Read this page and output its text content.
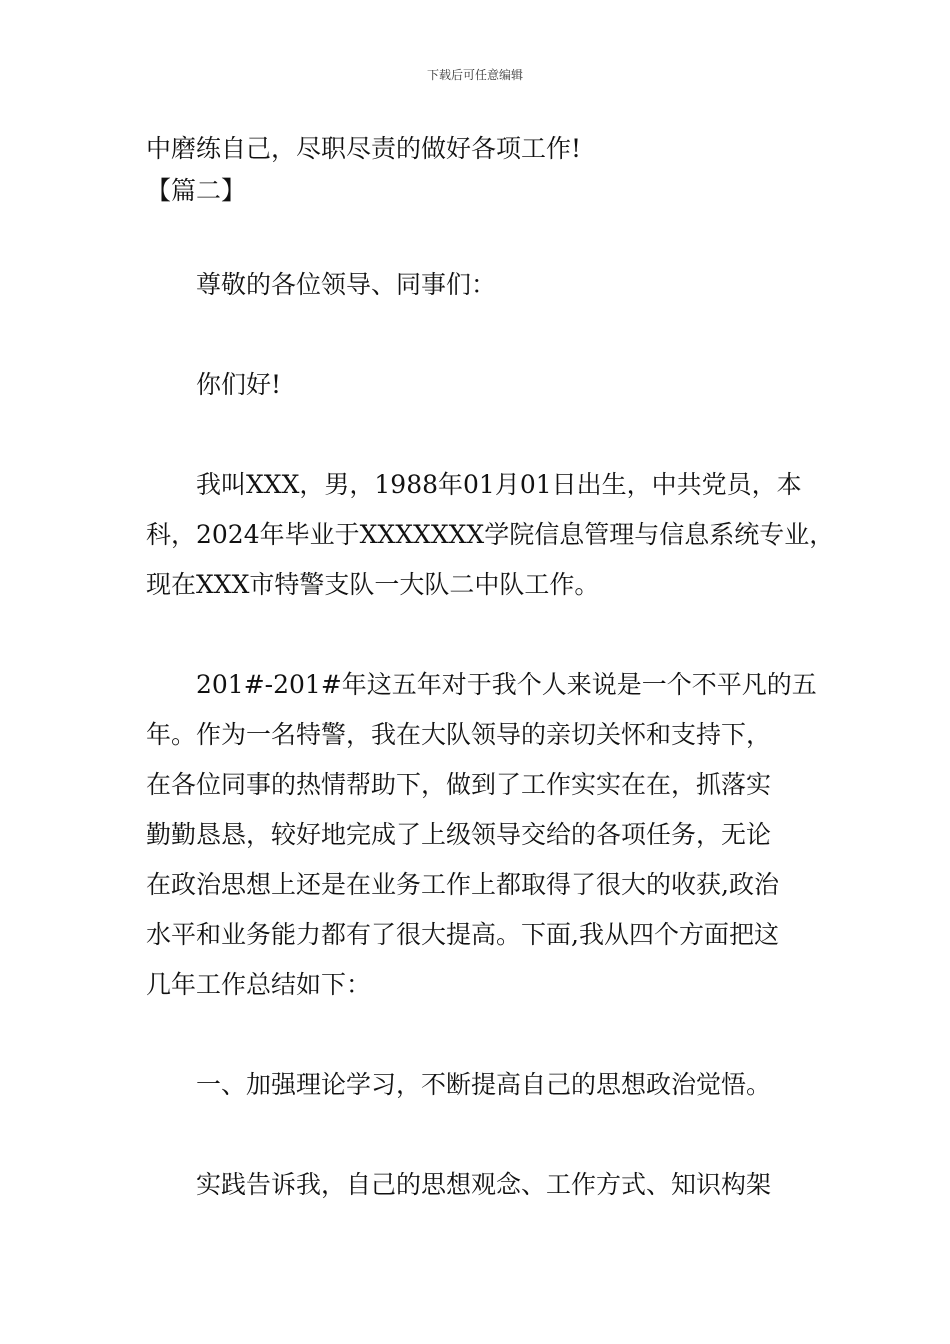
下载后可任意编辑

中磨练自己，尽职尽责的做好各项工作!

【篇二】

尊敬的各位领导、同事们：

你们好!

我叫XXX，男，1988年01月01日出生，中共党员，本

科，2024年毕业于XXXXXXX学院信息管理与信息系统专业，

现在XXX市特警支队一大队二中队工作。

201#-201#年这五年对于我个人来说是一个不平凡的五

年。作为一名特警，我在大队领导的亲切关怀和支持下，

在各位同事的热情帮助下，做到了工作实实在在，抓落实

勤勤恳恳，较好地完成了上级领导交给的各项任务，无论

在政治思想上还是在业务工作上都取得了很大的收获,政治

水平和业务能力都有了很大提高。下面,我从四个方面把这

几年工作总结如下：

一、加强理论学习，不断提高自己的思想政治觉悟。

实践告诉我，自己的思想观念、工作方式、知识构架
